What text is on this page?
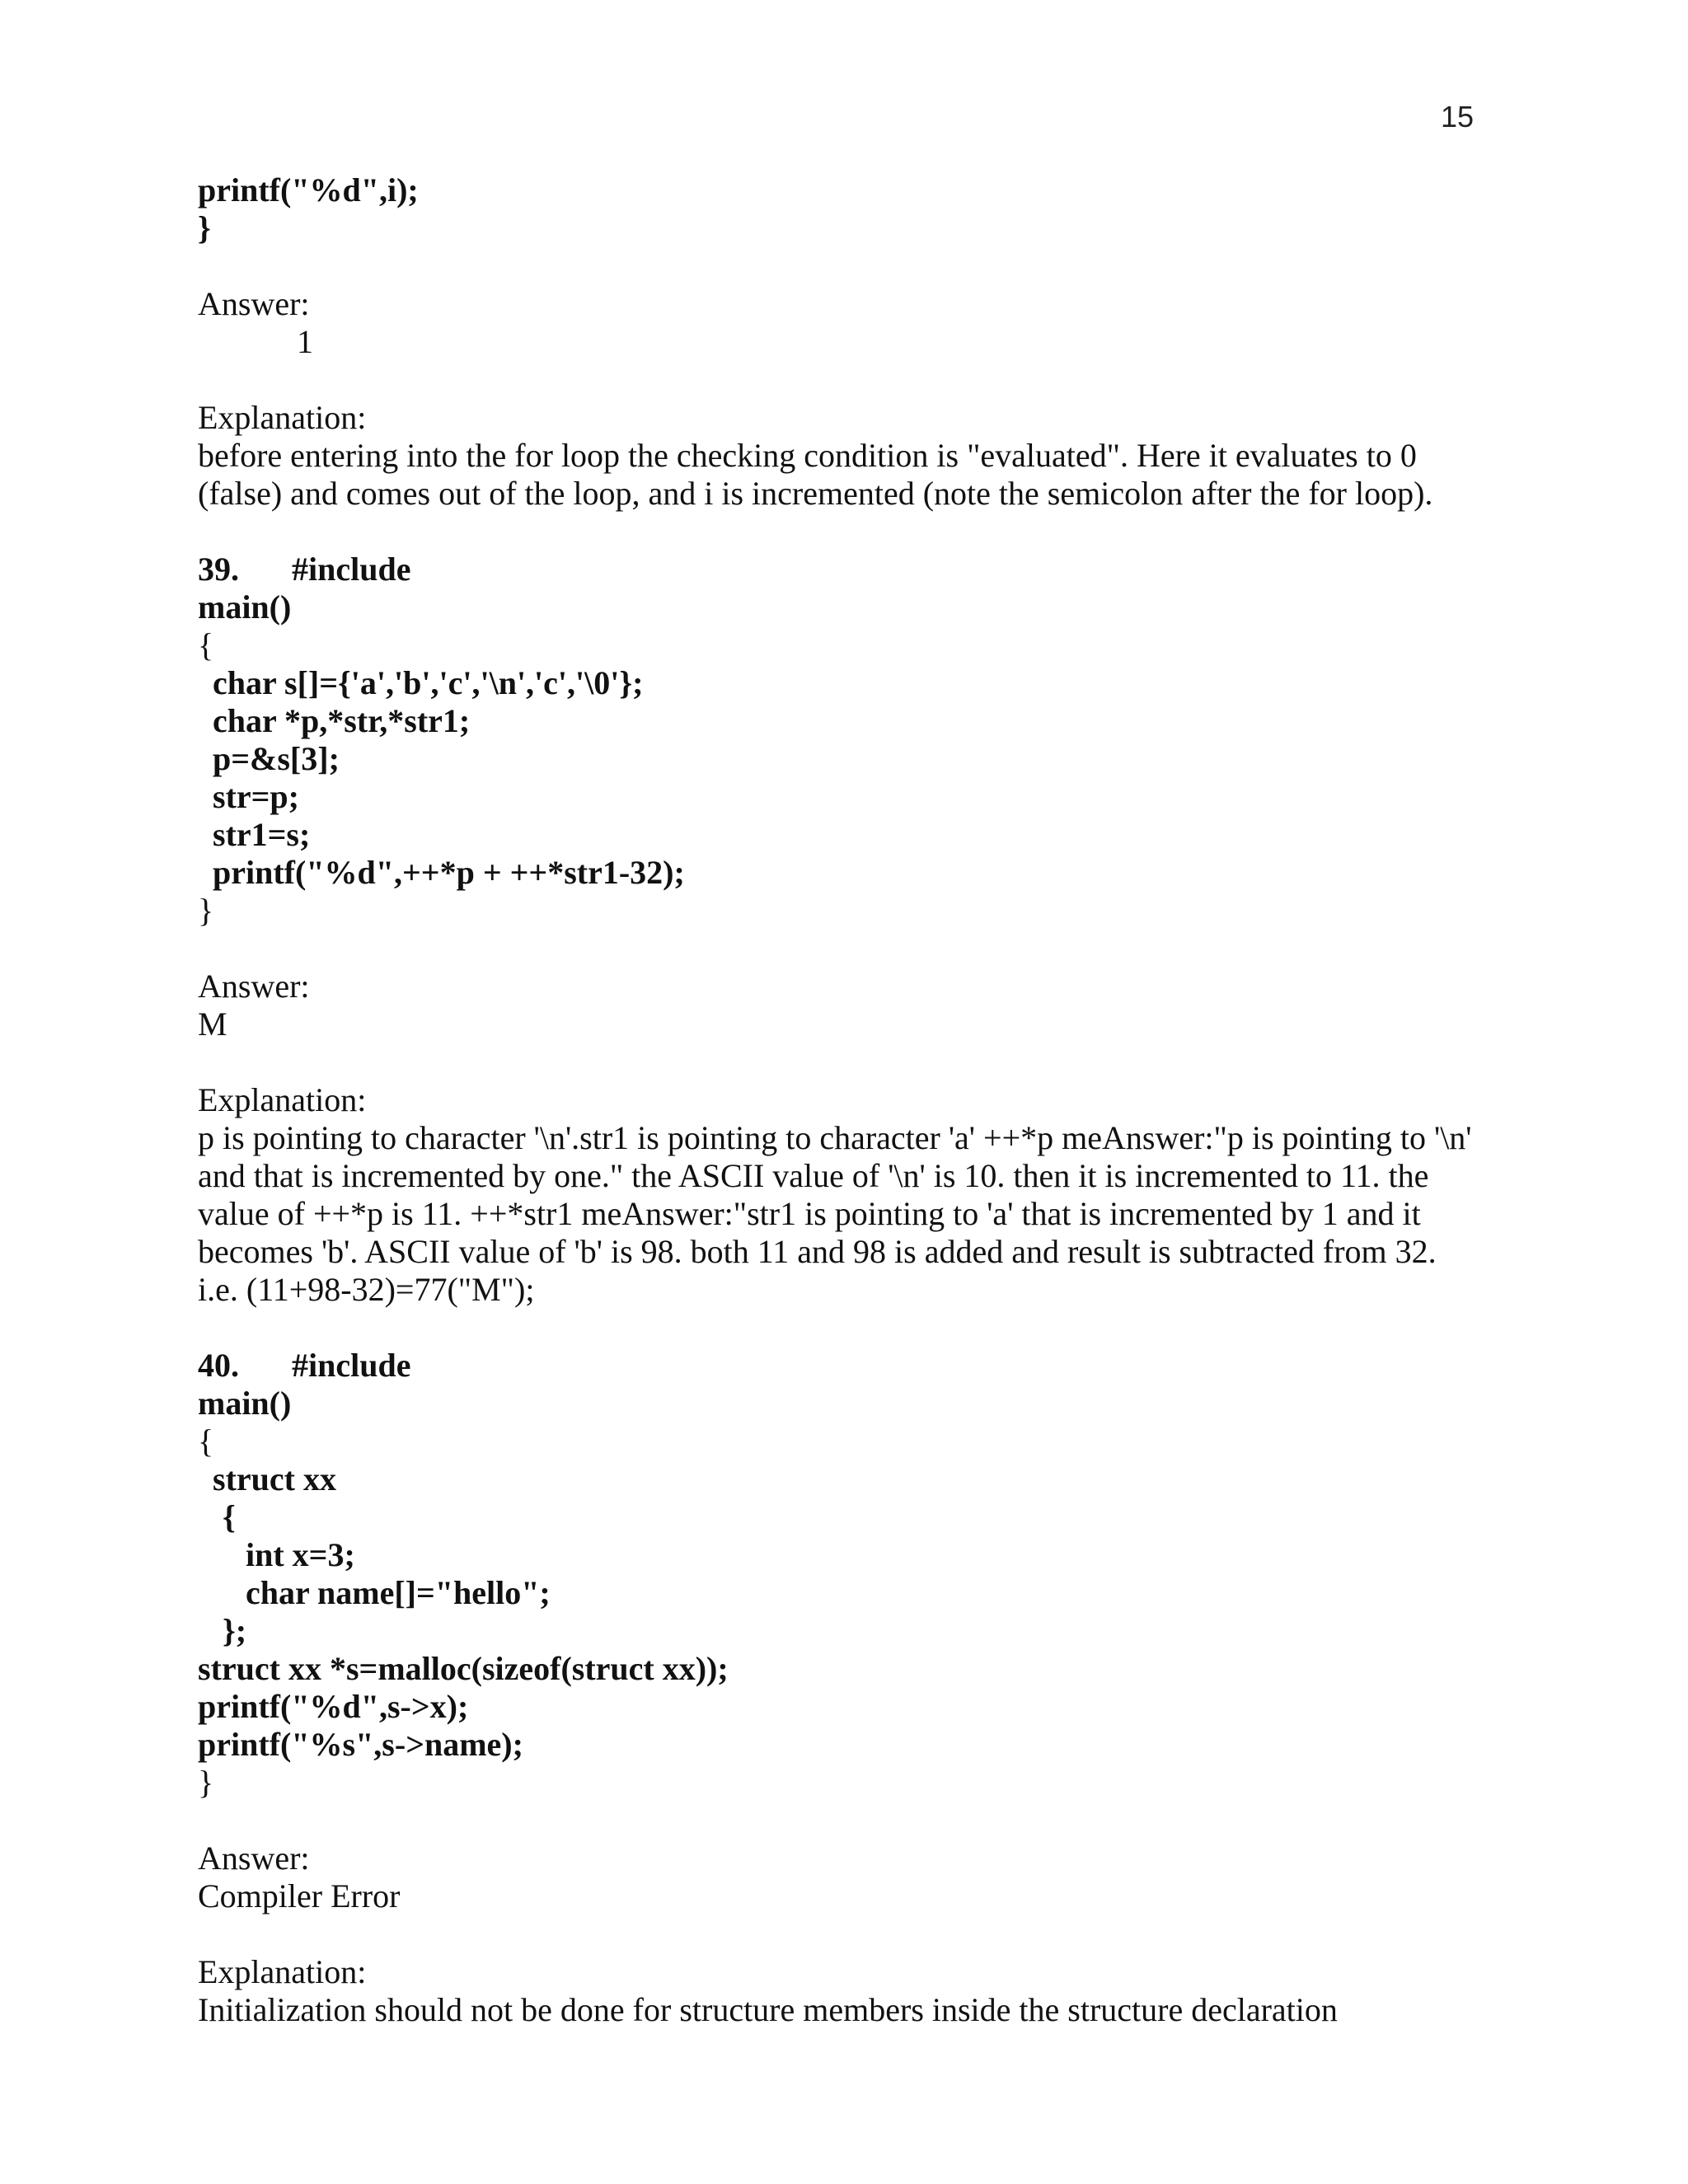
15
printf("%d",i);
}
Answer:
1
Explanation:
before entering into the for loop the checking condition is "evaluated". Here it evaluates to 0
(false) and comes out of the loop, and i is incremented (note the semicolon after the for loop).
39. #include
main()
{
char s[]={'a','b','c','\n','c','\0'};
char *p,*str,*str1;
p=&s[3];
str=p;
str1=s;
printf("%d",++*p + ++*str1-32);
}
Answer:
M
Explanation:
p is pointing to character '\n'.str1 is pointing to character 'a' ++*p meAnswer:"p is pointing to '\n'
and that is incremented by one." the ASCII value of '\n' is 10. then it is incremented to 11. the
value of ++*p is 11. ++*str1 meAnswer:"str1 is pointing to 'a' that is incremented by 1 and it
becomes 'b'. ASCII value of 'b' is 98. both 11 and 98 is added and result is subtracted from 32.
i.e. (11+98-32)=77("M");
40. #include
main()
{
struct xx
{
int x=3;
char name[]="hello";
};
struct xx *s=malloc(sizeof(struct xx));
printf("%d",s->x);
printf("%s",s->name);
}
Answer:
Compiler Error
Explanation:
Initialization should not be done for structure members inside the structure declaration
